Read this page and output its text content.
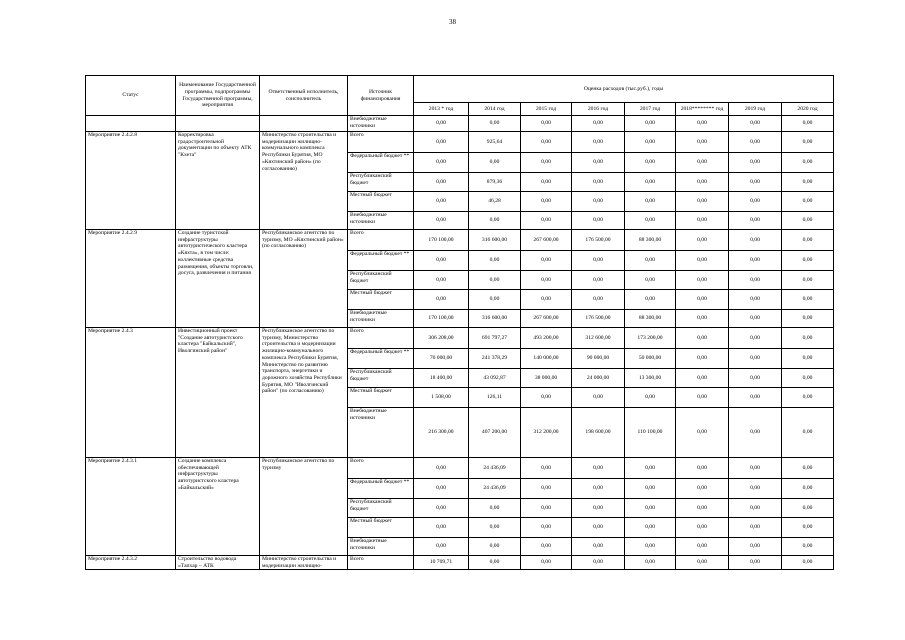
38
Статус	Наименование Государственной программы, подпрограммы Государственной программы, мероприятия	Ответственный исполнитель, соисполнитель	Источник финансирования	Оценка расходов (тыс.руб.), годы							
				2013 * год	2014 год	2015 год	2016 год	2017 год	2018******** год	2019 год	2020 год
			Внебюджетные источники	0,00	0,00	0,00	0,00	0,00	0,00	0,00	0,00
Мероприятие 2.4.2.8	Корректировка градостроительной документации по объекту АТК "Кхета"	Министерство строительства и модернизации жилищно-коммунального комплекса Республики Бурятия, МО «Кяхтинский район» (по согласованию)	Всего	0,00	925,64	0,00	0,00	0,00	0,00	0,00	0,00
			Федеральный бюджет **	0,00	0,00	0,00	0,00	0,00	0,00	0,00	0,00
			Республиканский бюджет	0,00	879,36	0,00	0,00	0,00	0,00	0,00	0,00
			Местный бюджет	0,00	46,28	0,00	0,00	0,00	0,00	0,00	0,00
			Внебюджетные источники	0,00	0,00	0,00	0,00	0,00	0,00	0,00	0,00
Мероприятие 2.4.2.9	Создание туристской инфраструктуры автотуристического кластера «Кяхта», в том числе: коллективные средства размещения, объекты торговли, досуга, развлечения и питания	Республиканское агентство по туризму, МО «Кяхтинский район» (по согласованию)	Всего	170 100,00	316 600,00	267 600,00	176 500,00	88 300,00	0,00	0,00	0,00
			Федеральный бюджет **	0,00	0,00	0,00	0,00	0,00	0,00	0,00	0,00
			Республиканский бюджет	0,00	0,00	0,00	0,00	0,00	0,00	0,00	0,00
			Местный бюджет	0,00	0,00	0,00	0,00	0,00	0,00	0,00	0,00
			Внебюджетные источники	170 100,00	316 600,00	267 600,00	176 500,00	88 300,00	0,00	0,00	0,00
Мероприятие 2.4.3	Инвестиционный проект "Создание автотуристского кластера "Байкальский", Иволгинский район"	Республиканское агентство по туризму, Министерство строительства и модернизации жилищно-коммунального комплекса Республики Бурятия, Министерство по развитию транспорта, энергетики и дорожного хозяйства Республики Бурятия, МО "Иволгинский район" (по согласованию)	Всего	306 208,00	691 797,27	493 200,00	312 600,00	173 200,00	0,00	0,00	0,00
			Федеральный бюджет **	70 000,00	241 378,29	140 000,00	90 000,00	50 000,00	0,00	0,00	0,00
			Республиканский бюджет	18 400,00	43 092,87	38 000,00	24 000,00	13 300,00	0,00	0,00	0,00
			Местный бюджет	1 508,00	126,11	0,00	0,00	0,00	0,00	0,00	0,00
			Внебюджетные источники	216 300,00	407 200,00	312 200,00	198 600,00	110 100,00	0,00	0,00	0,00
Мероприятие 2.4.3.1	Создание комплекса обеспечивающей инфраструктуры автотуристского кластера «Байкальский»	Республиканское агентство по туризму	Всего	0,00	24 436,09	0,00	0,00	0,00	0,00	0,00	0,00
			Федеральный бюджет **	0,00	24 436,09	0,00	0,00	0,00	0,00	0,00	0,00
			Республиканский бюджет	0,00	0,00	0,00	0,00	0,00	0,00	0,00	0,00
			Местный бюджет	0,00	0,00	0,00	0,00	0,00	0,00	0,00	0,00
			Внебюджетные источники	0,00	0,00	0,00	0,00	0,00	0,00	0,00	0,00
Мероприятие 2.4.3.2	Строительство водовода «Тапхар – АТК	Министерство строительства и модернизации жилищно-	Всего	10 709,71	0,00	0,00	0,00	0,00	0,00	0,00	0,00
